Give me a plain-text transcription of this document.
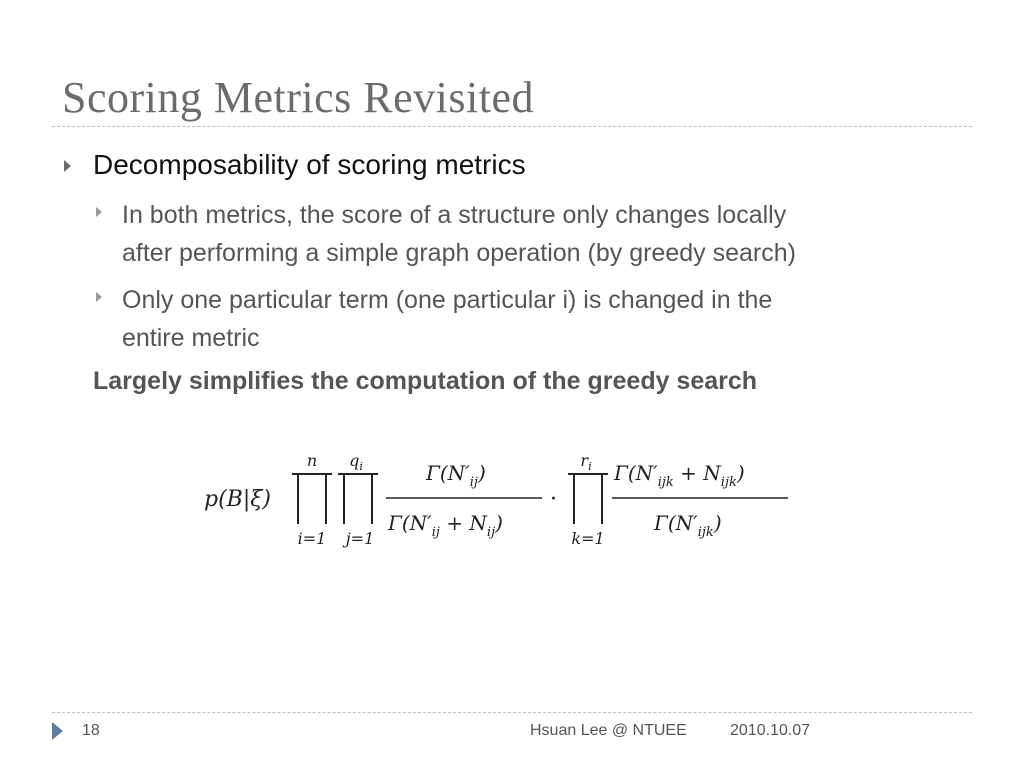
Scoring Metrics Revisited
Decomposability of scoring metrics
In both metrics, the score of a structure only changes locally
after performing a simple graph operation (by greedy search)
Only one particular term (one particular i) is changed in the
entire metric
Largely simplifies the computation of the greedy search
p(B|ξ)
n
i=1
$q_i$
j=1
$\Gamma(N'_{ij})$
$\Gamma(N'_{ij} + N_{ij})$
·
$r_i$
k=1
$\Gamma(N'_{ijk} + N_{ijk})$
$\Gamma(N'_{ijk})$
18	Hsuan Lee @ NTUEE	2010.10.07
